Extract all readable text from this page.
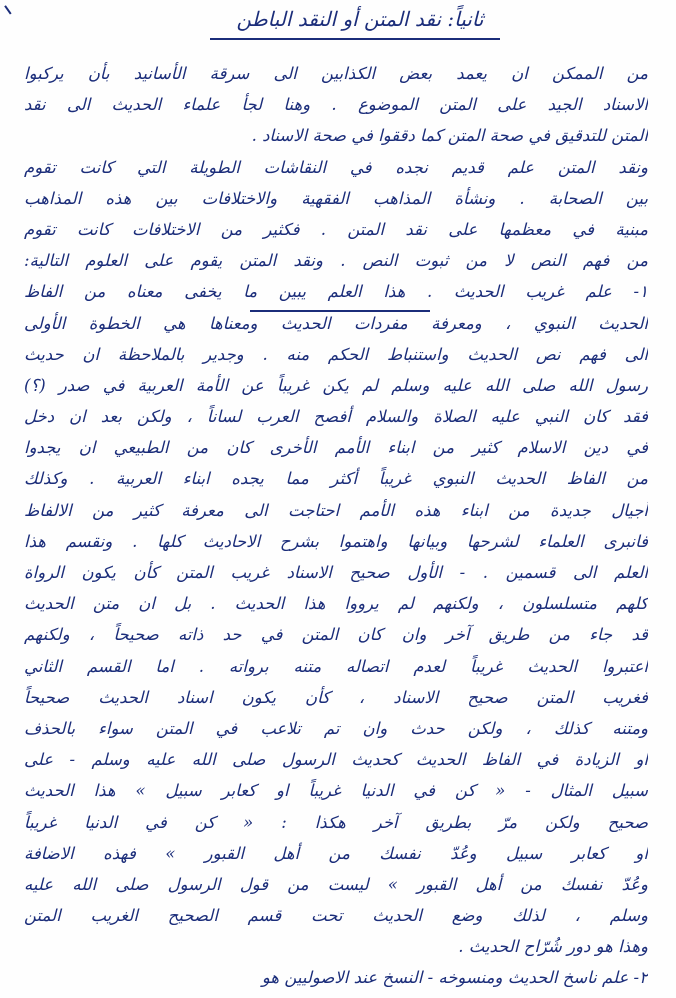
ثانياً: نقد المتن أو النقد الباطن
من الممكن ان يعمد بعض الكذابين الى سرقة الأسانيد بأن يركبوا
الاسناد الجيد على المتن الموضوع . وهنا لجأ علماء الحديث الى نقد
المتن للتدقيق في صحة المتن كما دققوا في صحة الاسناد .
ونقد المتن علم قديم نجده في النقاشات الطويلة التي كانت تقوم
بين الصحابة . ونشأة المذاهب الفقهية والاختلافات بين هذه المذاهب
مبنية في معظمها على نقد المتن . فكثير من الاختلافات كانت تقوم
من فهم النص لا من ثبوت النص . ونقد المتن يقوم على العلوم التالية:
١- علم غريب الحديث . هذا العلم يبين ما يخفى معناه من الفاظ
الحديث النبوي ، ومعرفة مفردات الحديث ومعناها هي الخطوة الأولى
الى فهم نص الحديث واستنباط الحكم منه . وجدير بالملاحظة ان حديث
رسول الله صلى الله عليه وسلم لم يكن غريباً عن الأمة العربية في صدر (؟)
فقد كان النبي عليه الصلاة والسلام أفصح العرب لساناً ، ولكن بعد ان دخل
في دين الاسلام كثير من ابناء الأمم الأخرى كان من الطبيعي ان يجدوا
من الفاظ الحديث النبوي غريباً أكثر مما يجده ابناء العربية . وكذلك
أجيال جديدة من ابناء هذه الأمم احتاجت الى معرفة كثير من الالفاظ
فانبرى العلماء لشرحها وبيانها واهتموا بشرح الاحاديث كلها . ونقسم هذا
العلم الى قسمين . - الأول صحيح الاسناد غريب المتن كأن يكون الرواة
كلهم متسلسلون ، ولكنهم لم يرووا هذا الحديث . بل ان متن الحديث
قد جاء من طريق آخر وان كان المتن في حد ذاته صحيحاً ، ولكنهم
اعتبروا الحديث غريباً لعدم اتصاله متنه برواته . اما القسم الثاني
فغريب المتن صحيح الاسناد ، كأن يكون اسناد الحديث صحيحاً
ومتنه كذلك ، ولكن حدث وان تم تلاعب في المتن سواء بالحذف
او الزيادة في الفاظ الحديث كحديث الرسول صلى الله عليه وسلم - على
سبيل المثال - « كن في الدنيا غريباً او كعابر سبيل » هذا الحديث
صحيح ولكن مرّ بطريق آخر هكذا : « كن في الدنيا غريباً
او كعابر سبيل وعُدّ نفسك من أهل القبور » فهذه الاضافة
وعُدّ نفسك من أهل القبور » ليست من قول الرسول صلى الله عليه
وسلم ، لذلك وضع الحديث تحت قسم الصحيح الغريب المتن
وهذا هو دور شُرّاح الحديث .
٢- علم ناسخ الحديث ومنسوخه - النسخ عند الاصوليين هو
